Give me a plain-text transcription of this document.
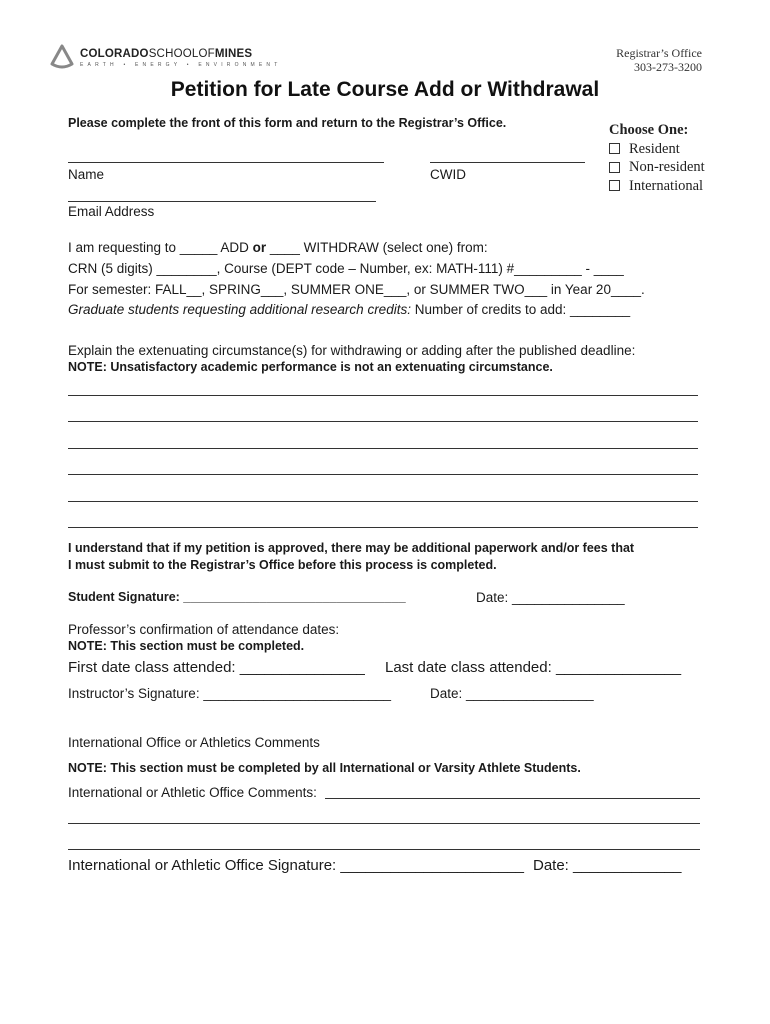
COLORADOSCHOOLOFMINES
EARTH • ENERGY • ENVIRONMENT
Registrar’s Office
303-273-3200
Petition for Late Course Add or Withdrawal
Please complete the front of this form and return to the Registrar’s Office.	Choose One:
Resident
Non-resident
International
Name	CWID
Email Address
I am requesting to _____ ADD or ____ WITHDRAW (select one) from:
CRN (5 digits) ________, Course (DEPT code – Number, ex: MATH-111) #_________ - ____
For semester: FALL__, SPRING___, SUMMER ONE___, or SUMMER TWO___ in Year 20____.
Graduate students requesting additional research credits: Number of credits to add: ________
Explain the extenuating circumstance(s) for withdrawing or adding after the published deadline:
NOTE: Unsatisfactory academic performance is not an extenuating circumstance.
I understand that if my petition is approved, there may be additional paperwork and/or fees that
I must submit to the Registrar’s Office before this process is completed.
Student Signature: ________________________________	Date: _______________
Professor’s confirmation of attendance dates:
NOTE: This section must be completed.
First date class attended: _______________ Last date class attended: _______________
Instructor’s Signature: _________________________	Date: _________________
International Office or Athletics Comments
NOTE: This section must be completed by all International or Varsity Athlete Students.
International or Athletic Office Comments:
International or Athletic Office Signature: ______________________ Date: _____________
